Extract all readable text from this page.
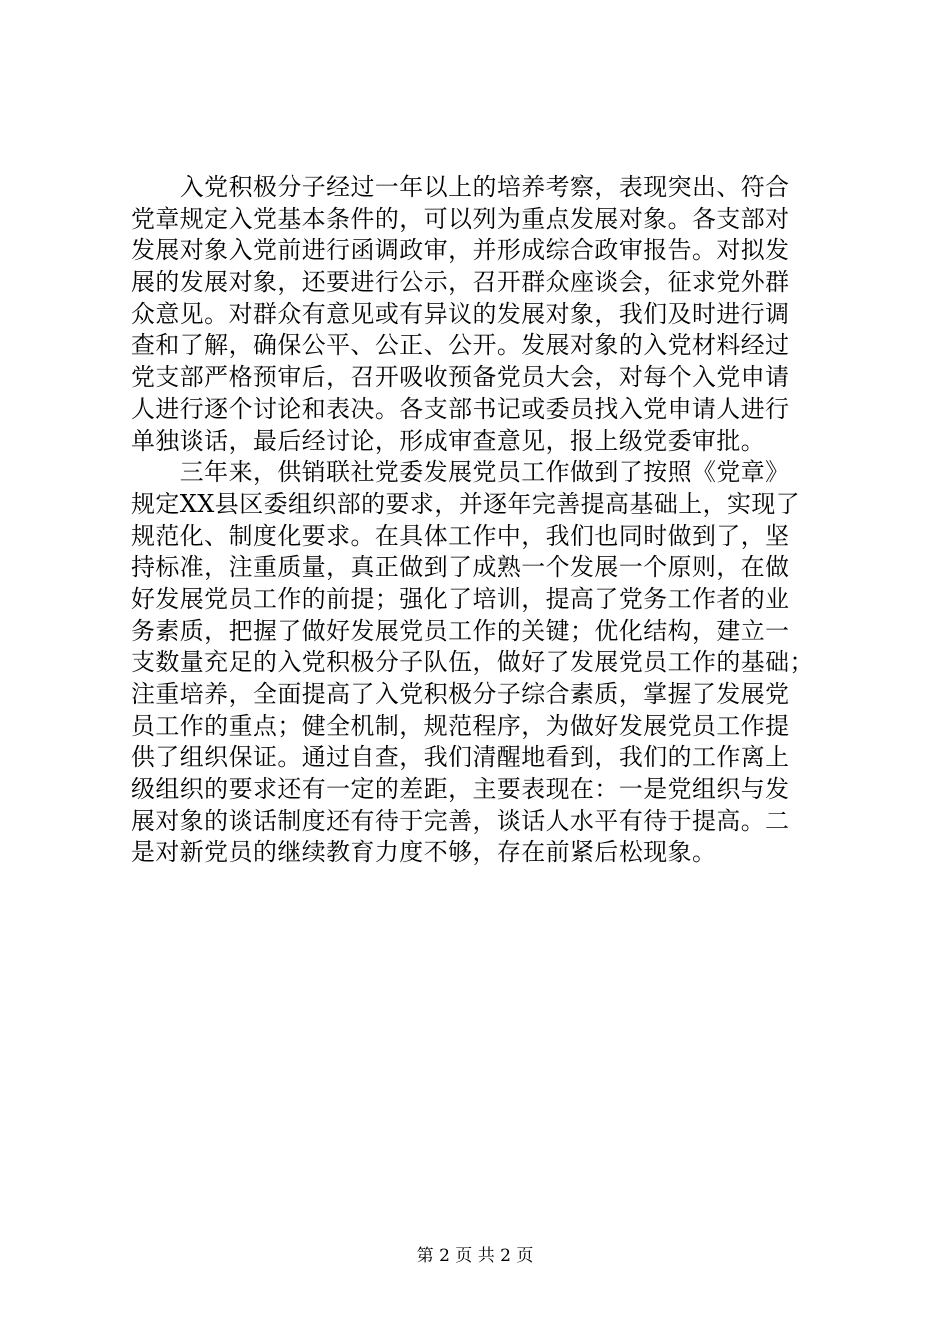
　　入党积极分子经过一年以上的培养考察，表现突出、符合
党章规定入党基本条件的，可以列为重点发展对象。各支部对
发展对象入党前进行函调政审，并形成综合政审报告。对拟发
展的发展对象，还要进行公示，召开群众座谈会，征求党外群
众意见。对群众有意见或有异议的发展对象，我们及时进行调
查和了解，确保公平、公正、公开。发展对象的入党材料经过
党支部严格预审后，召开吸收预备党员大会，对每个入党申请
人进行逐个讨论和表决。各支部书记或委员找入党申请人进行
单独谈话，最后经讨论，形成审查意见，报上级党委审批。
　　三年来，供销联社党委发展党员工作做到了按照《党章》
规定XX县区委组织部的要求，并逐年完善提高基础上，实现了
规范化、制度化要求。在具体工作中，我们也同时做到了，坚
持标准，注重质量，真正做到了成熟一个发展一个原则，在做
好发展党员工作的前提；强化了培训，提高了党务工作者的业
务素质，把握了做好发展党员工作的关键；优化结构，建立一
支数量充足的入党积极分子队伍，做好了发展党员工作的基础；
注重培养，全面提高了入党积极分子综合素质，掌握了发展党
员工作的重点；健全机制，规范程序，为做好发展党员工作提
供了组织保证。通过自查，我们清醒地看到，我们的工作离上
级组织的要求还有一定的差距，主要表现在：一是党组织与发
展对象的谈话制度还有待于完善，谈话人水平有待于提高。二
是对新党员的继续教育力度不够，存在前紧后松现象。
第 2 页 共 2 页
